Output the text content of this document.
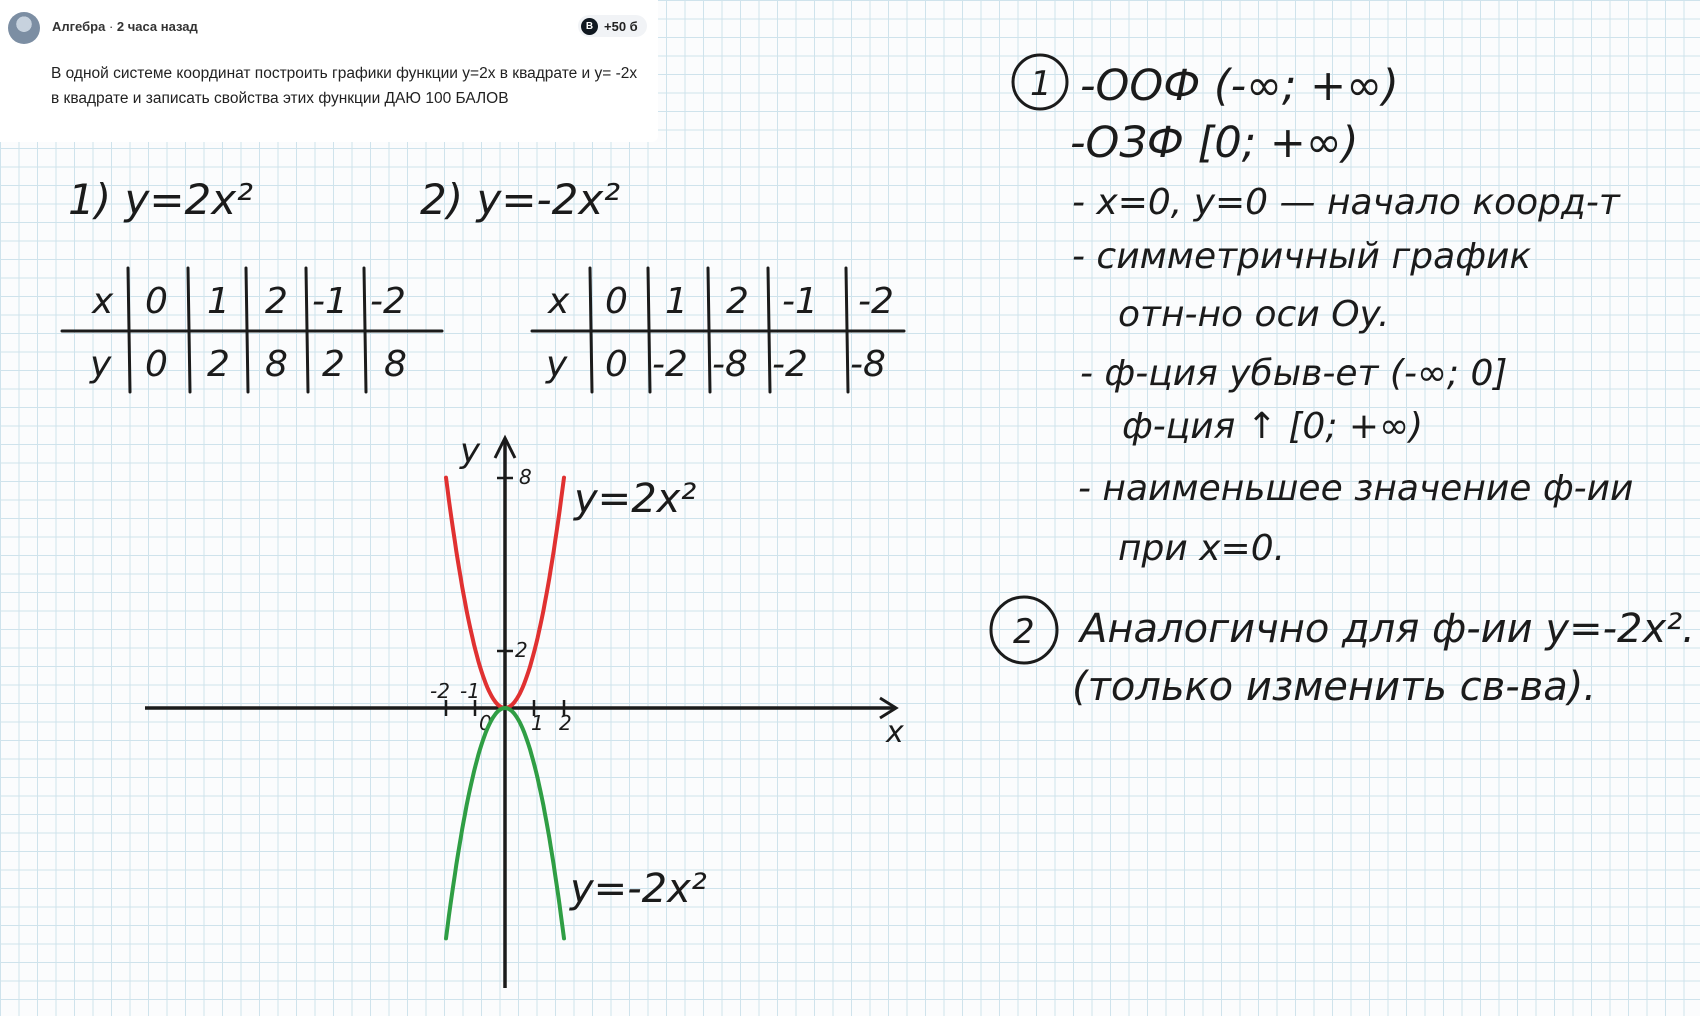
Алгебра · 2 часа назад	B +50 б
В одной системе координат построить графики функции y=2x в квадрате и y= -2x в квадрате и записать свойства этих функции ДАЮ 100 БАЛОВ
1) y=2x²	2) y=-2x²
x 0 1 2 -1 -2
y 0 2 8 2 8
x 0 1 2 -1 -2
y 0 -2 -8 -2 -8
y
x
8
2
-2 -1
0 1 2
y=2x²
y=-2x²
1 -ООФ (-∞; +∞)
-ОЗФ [0; +∞)
- x=0, y=0 — начало коорд-т
- симметричный график
отн-но оси Oy.
- ф-ция убыв-ет (-∞; 0]
ф-ция ↑ [0; +∞)
- наименьшее значение ф-ии
при x=0.
2 Аналогично для ф-ии y=-2x².
(только изменить св-ва).
